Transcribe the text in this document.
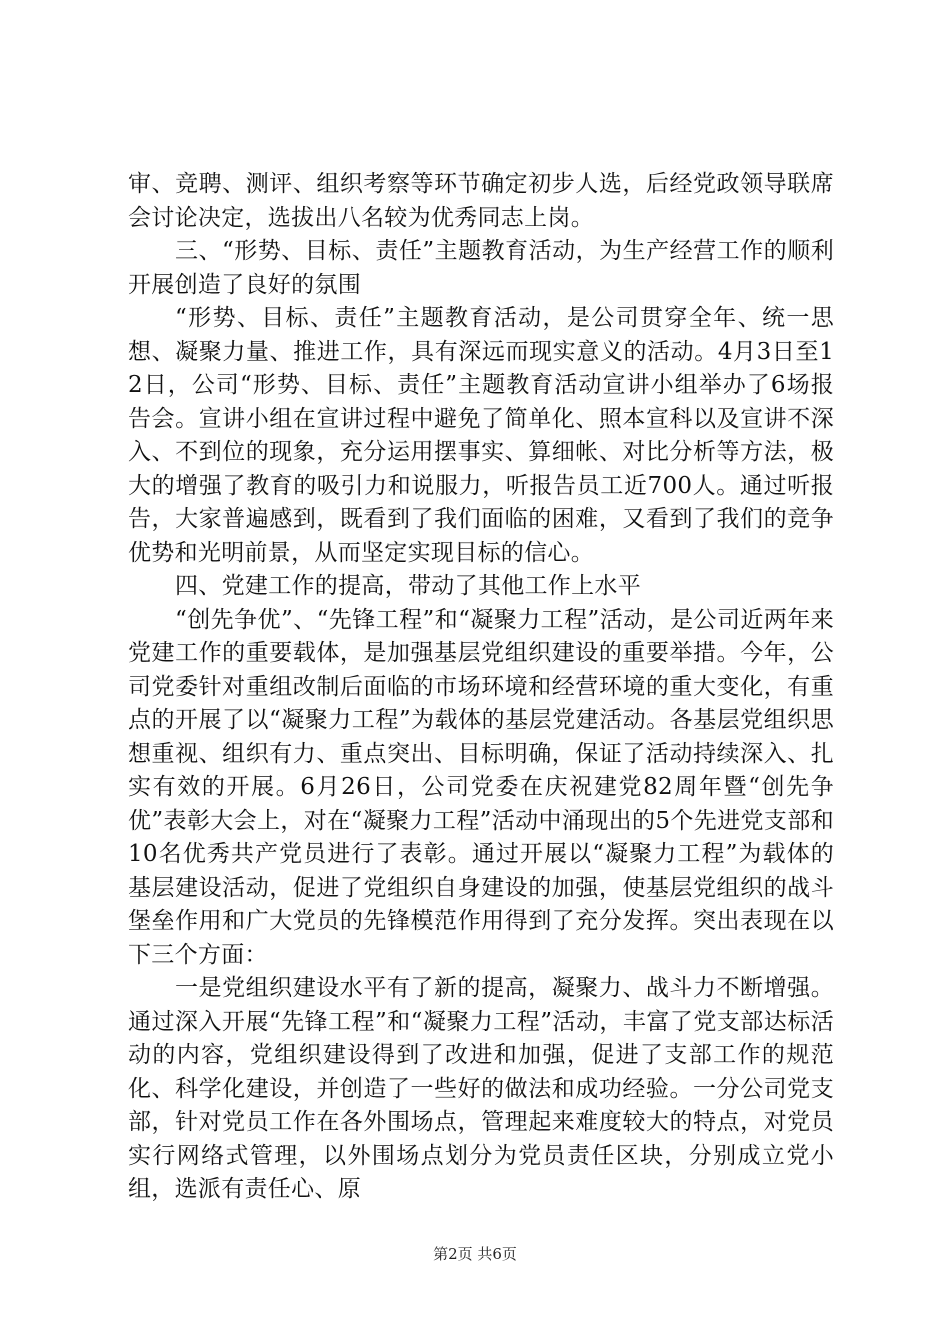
审、竞聘、测评、组织考察等环节确定初步人选，后经党政领导联席会讨论决定，选拔出八名较为优秀同志上岗。

三、“形势、目标、责任”主题教育活动，为生产经营工作的顺利开展创造了良好的氛围

“形势、目标、责任”主题教育活动，是公司贯穿全年、统一思想、凝聚力量、推进工作，具有深远而现实意义的活动。4月3日至12日，公司“形势、目标、责任”主题教育活动宣讲小组举办了6场报告会。宣讲小组在宣讲过程中避免了简单化、照本宣科以及宣讲不深入、不到位的现象，充分运用摆事实、算细帐、对比分析等方法，极大的增强了教育的吸引力和说服力，听报告员工近700人。通过听报告，大家普遍感到，既看到了我们面临的困难，又看到了我们的竞争优势和光明前景，从而坚定实现目标的信心。

四、党建工作的提高，带动了其他工作上水平

“创先争优”、“先锋工程”和“凝聚力工程”活动，是公司近两年来党建工作的重要载体，是加强基层党组织建设的重要举措。今年，公司党委针对重组改制后面临的市场环境和经营环境的重大变化，有重点的开展了以“凝聚力工程”为载体的基层党建活动。各基层党组织思想重视、组织有力、重点突出、目标明确，保证了活动持续深入、扎实有效的开展。6月26日，公司党委在庆祝建党82周年暨“创先争优”表彰大会上，对在“凝聚力工程”活动中涌现出的5个先进党支部和10名优秀共产党员进行了表彰。通过开展以“凝聚力工程”为载体的基层建设活动，促进了党组织自身建设的加强，使基层党组织的战斗堡垒作用和广大党员的先锋模范作用得到了充分发挥。突出表现在以下三个方面：

一是党组织建设水平有了新的提高，凝聚力、战斗力不断增强。通过深入开展“先锋工程”和“凝聚力工程”活动，丰富了党支部达标活动的内容，党组织建设得到了改进和加强，促进了支部工作的规范化、科学化建设，并创造了一些好的做法和成功经验。一分公司党支部，针对党员工作在各外围场点，管理起来难度较大的特点，对党员实行网络式管理，以外围场点划分为党员责任区块，分别成立党小组，选派有责任心、原

第2页 共6页
